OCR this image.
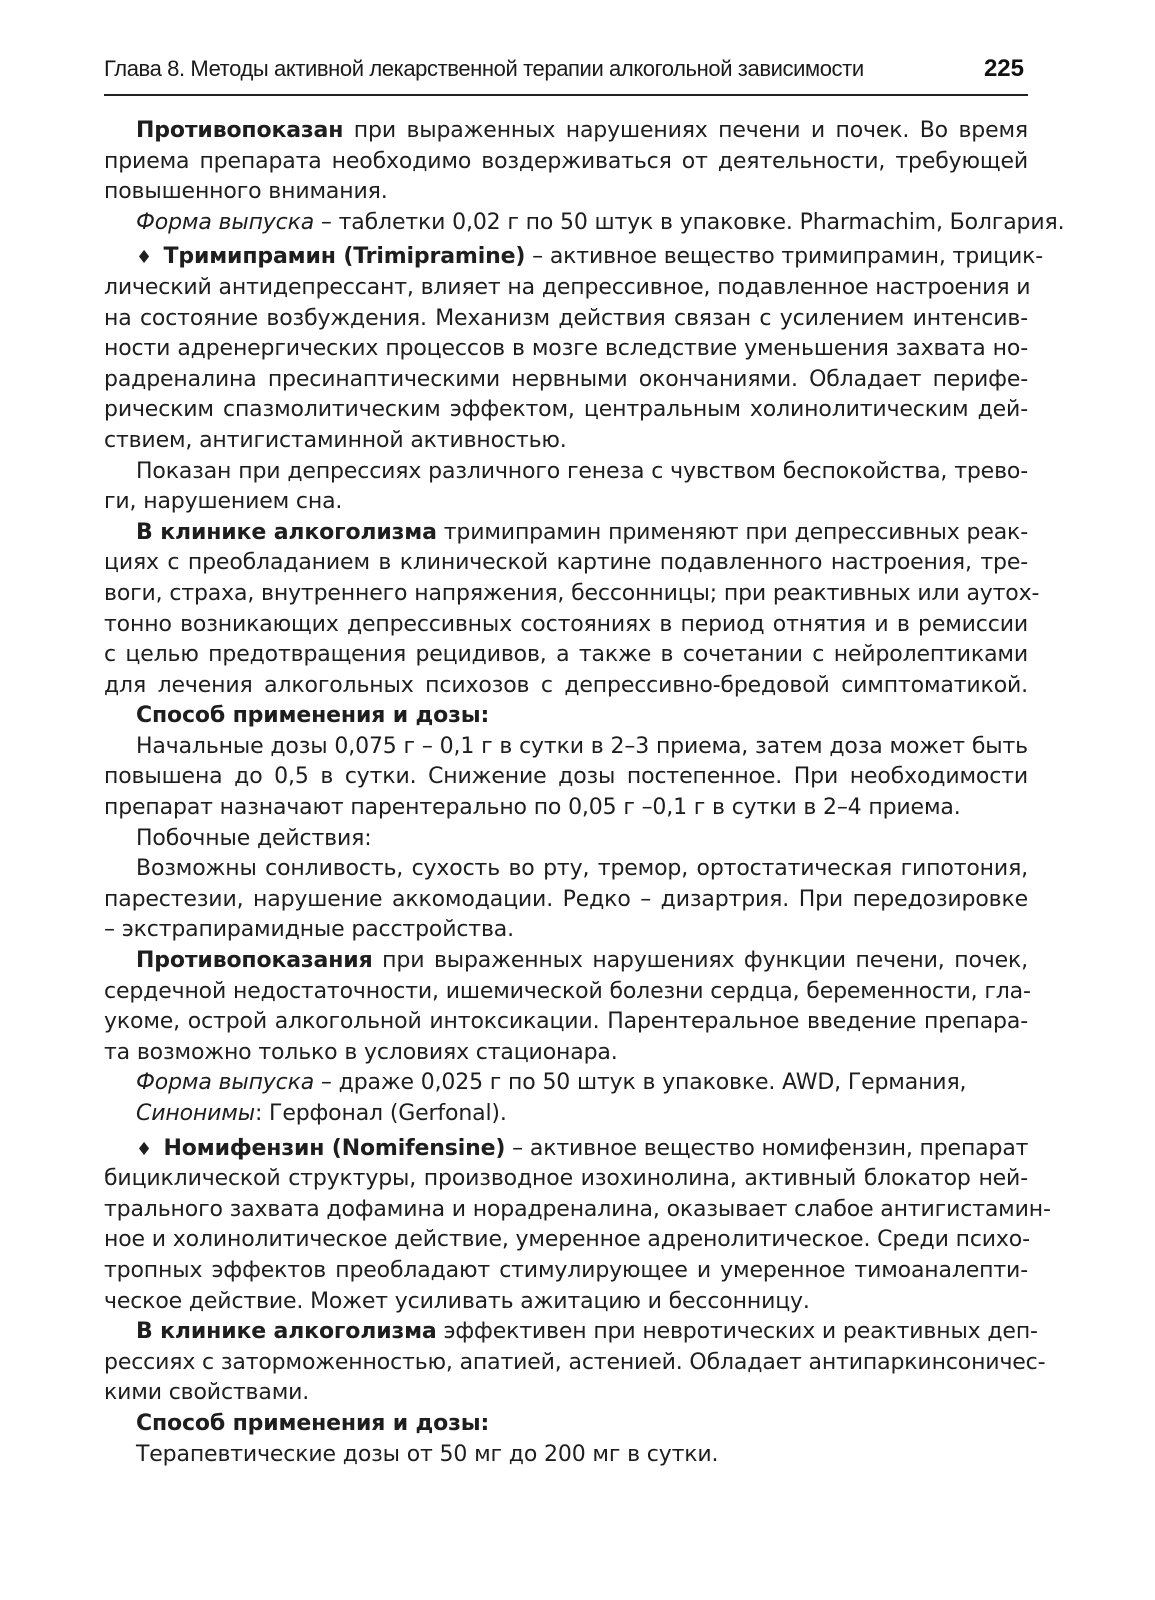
Глава 8. Методы активной лекарственной терапии алкогольной зависимости	225
Противопоказан при выраженных нарушениях печени и почек. Во время
приема препарата необходимо воздерживаться от деятельности, требующей
повышенного внимания.
Форма выпуска – таблетки 0,02 г по 50 штук в упаковке. Pharmachim, Болгария.
♦ Тримипрамин (Trimipramine) – активное вещество тримипрамин, трицик-
лический антидепрессант, влияет на депрессивное, подавленное настроения и
на состояние возбуждения. Механизм действия связан с усилением интенсив-
ности адренергических процессов в мозге вследствие уменьшения захвата но-
радреналина пресинаптическими нервными окончаниями. Обладает перифе-
рическим спазмолитическим эффектом, центральным холинолитическим дей-
ствием, антигистаминной активностью.
Показан при депрессиях различного генеза с чувством беспокойства, трево-
ги, нарушением сна.
В клинике алкоголизма тримипрамин применяют при депрессивных реак-
циях с преобладанием в клинической картине подавленного настроения, тре-
воги, страха, внутреннего напряжения, бессонницы; при реактивных или аутох-
тонно возникающих депрессивных состояниях в период отнятия и в ремиссии
с целью предотвращения рецидивов, а также в сочетании с нейролептиками
для лечения алкогольных психозов с депрессивно-бредовой симптоматикой.
Способ применения и дозы:
Начальные дозы 0,075 г – 0,1 г в сутки в 2–3 приема, затем доза может быть
повышена до 0,5 в сутки. Снижение дозы постепенное. При необходимости
препарат назначают парентерально по 0,05 г –0,1 г в сутки в 2–4 приема.
Побочные действия:
Возможны сонливость, сухость во рту, тремор, ортостатическая гипотония,
парестезии, нарушение аккомодации. Редко – дизартрия. При передозировке
– экстрапирамидные расстройства.
Противопоказания при выраженных нарушениях функции печени, почек,
сердечной недостаточности, ишемической болезни сердца, беременности, гла-
укоме, острой алкогольной интоксикации. Парентеральное введение препара-
та возможно только в условиях стационара.
Форма выпуска – драже 0,025 г по 50 штук в упаковке. AWD, Германия,
Синонимы: Герфонал (Gerfonal).
♦ Номифензин (Nomifensine) – активное вещество номифензин, препарат
бициклической структуры, производное изохинолина, активный блокатор ней-
трального захвата дофамина и норадреналина, оказывает слабое антигистамин-
ное и холинолитическое действие, умеренное адренолитическое. Среди психо-
тропных эффектов преобладают стимулирующее и умеренное тимоаналепти-
ческое действие. Может усиливать ажитацию и бессонницу.
В клинике алкоголизма эффективен при невротических и реактивных деп-
рессиях с заторможенностью, апатией, астенией. Обладает антипаркинсоничес-
кими свойствами.
Способ применения и дозы:
Терапевтические дозы от 50 мг до 200 мг в сутки.
